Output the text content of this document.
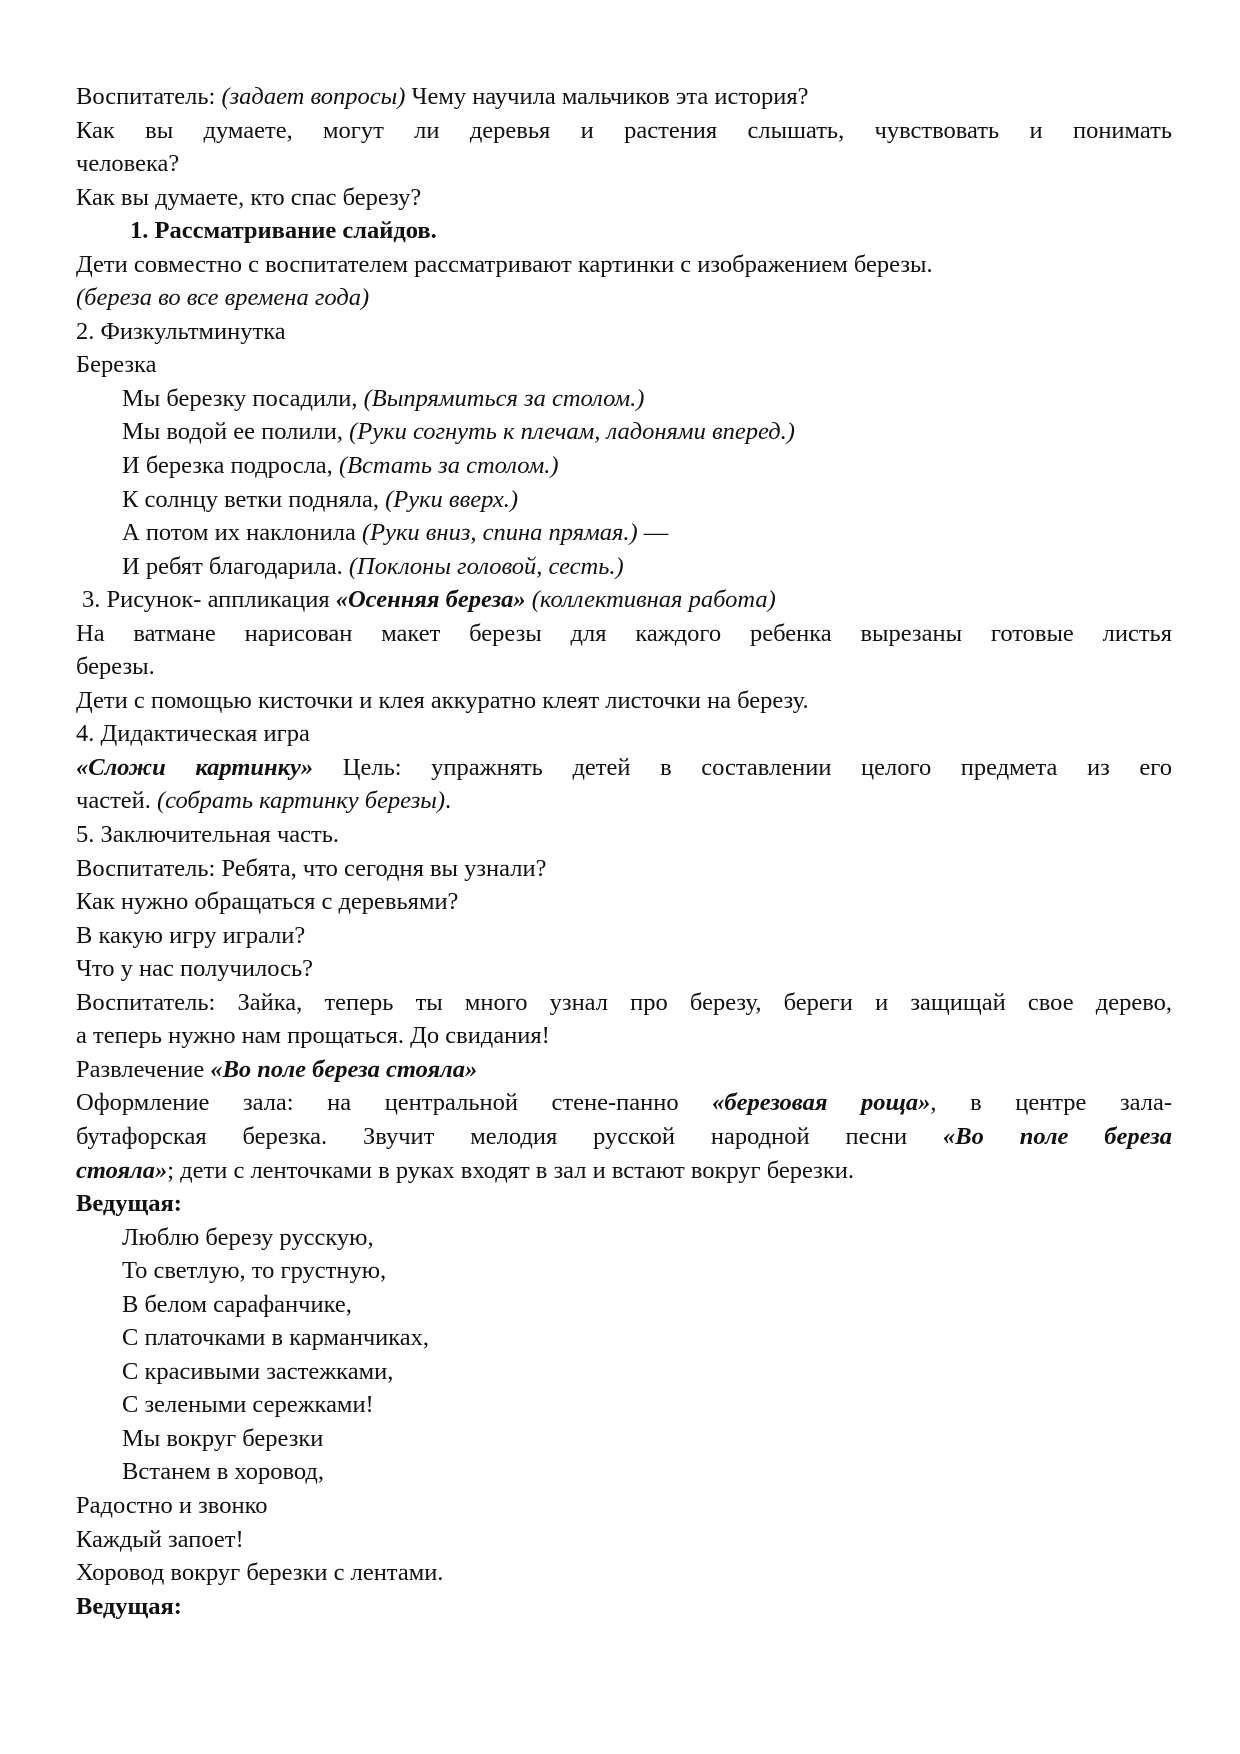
Воспитатель: (задает вопросы) Чему научила мальчиков эта история?
Как вы думаете, могут ли деревья и растения слышать, чувствовать и понимать
человека?
Как вы думаете, кто спас березу?
1. Рассматривание слайдов.
Дети совместно с воспитателем рассматривают картинки с изображением березы.
(береза во все времена года)
2. Физкультминутка
Березка
Мы березку посадили, (Выпрямиться за столом.)
Мы водой ее полили, (Руки согнуть к плечам, ладонями вперед.)
И березка подросла, (Встать за столом.)
К солнцу ветки подняла, (Руки вверх.)
А потом их наклонила (Руки вниз, спина прямая.) —
И ребят благодарила. (Поклоны головой, сесть.)
3. Рисунок- аппликация «Осенняя береза» (коллективная работа)
На ватмане нарисован макет березы для каждого ребенка вырезаны готовые листья
березы.
Дети с помощью кисточки и клея аккуратно клеят листочки на березу.
4. Дидактическая игра
«Сложи картинку» Цель: упражнять детей в составлении целого предмета из его
частей. (собрать картинку березы).
5. Заключительная часть.
Воспитатель: Ребята, что сегодня вы узнали?
Как нужно обращаться с деревьями?
В какую игру играли?
Что у нас получилось?
Воспитатель: Зайка, теперь ты много узнал про березу, береги и защищай свое дерево,
а теперь нужно нам прощаться. До свидания!
Развлечение «Во поле береза стояла»
Оформление зала: на центральной стене-панно «березовая роща», в центре зала-
бутафорская березка. Звучит мелодия русской народной песни «Во поле береза
стояла»; дети с ленточками в руках входят в зал и встают вокруг березки.
Ведущая:
Люблю березу русскую,
То светлую, то грустную,
В белом сарафанчике,
С платочками в карманчиках,
С красивыми застежками,
С зелеными сережками!
Мы вокруг березки
Встанем в хоровод,
Радостно и звонко
Каждый запоет!
Хоровод вокруг березки с лентами.
Ведущая:
